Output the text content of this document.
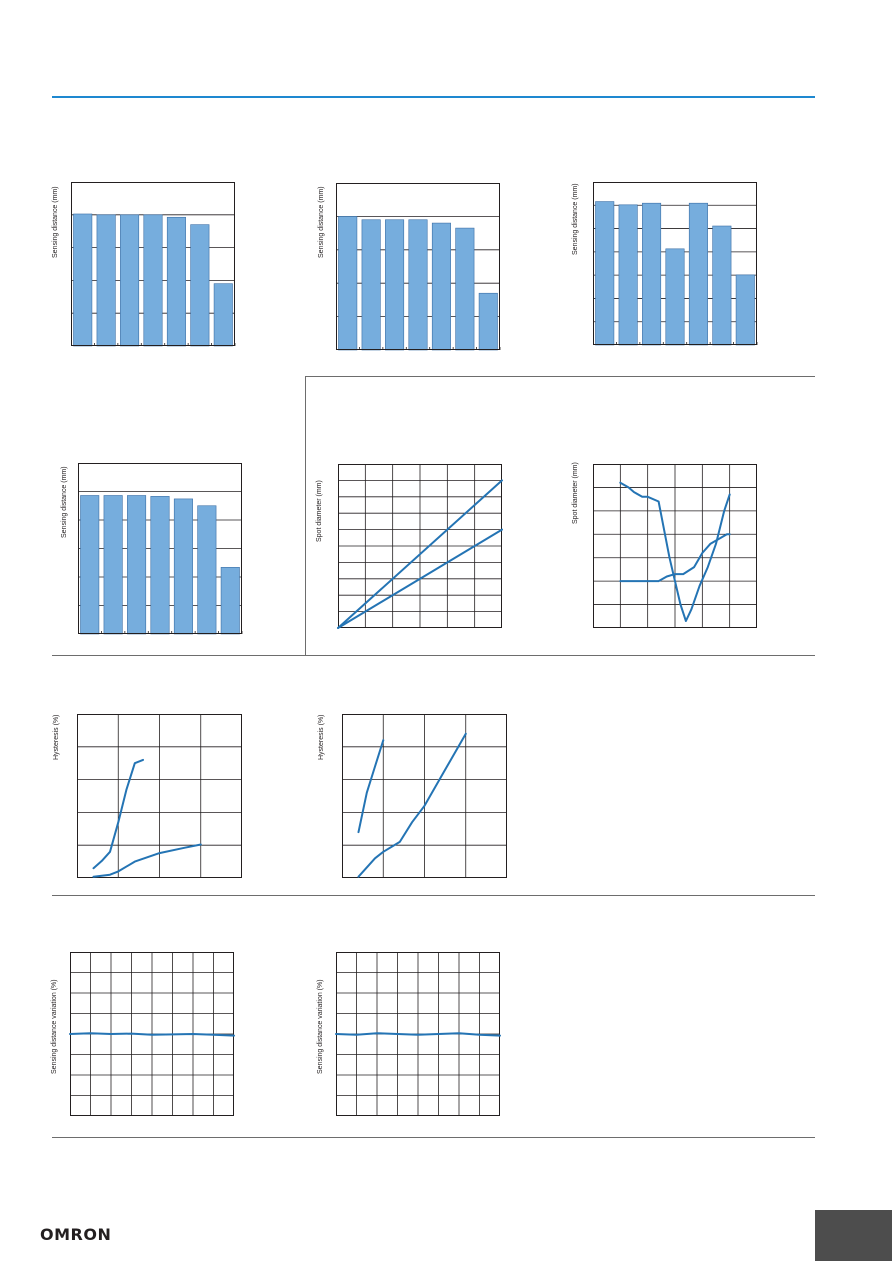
Sensing distance (mm)	Sensing distance (mm)	Sensing distance (mm)
Sensing distance (mm)	Spot diameter (mm)	Spot diameter (mm)
Hysteresis (%)	Hysteresis (%)
Sensing distance variation (%)	Sensing distance variation (%)
OMRON
